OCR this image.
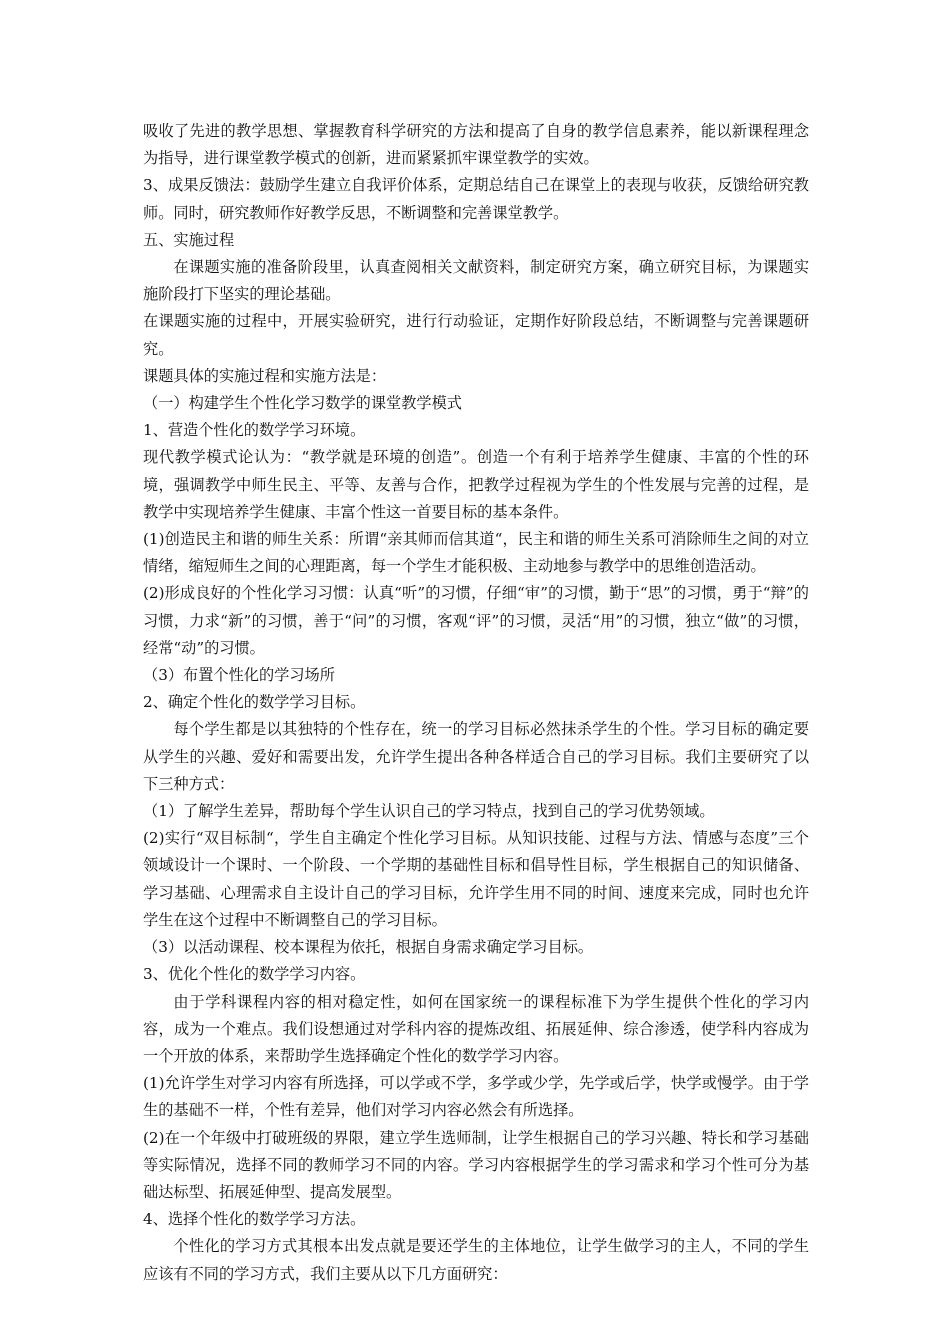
吸收了先进的教学思想、掌握教育科学研究的方法和提高了自身的教学信息素养，能以新课程理念为指导，进行课堂教学模式的创新，进而紧紧抓牢课堂教学的实效。

3、成果反馈法：鼓励学生建立自我评价体系，定期总结自己在课堂上的表现与收获，反馈给研究教师。同时，研究教师作好教学反思，不断调整和完善课堂教学。

五、实施过程

在课题实施的准备阶段里，认真查阅相关文献资料，制定研究方案，确立研究目标，为课题实施阶段打下坚实的理论基础。

在课题实施的过程中，开展实验研究，进行行动验证，定期作好阶段总结，不断调整与完善课题研究。

课题具体的实施过程和实施方法是：

（一）构建学生个性化学习数学的课堂教学模式

1、营造个性化的数学学习环境。

现代教学模式论认为：“教学就是环境的创造”。创造一个有利于培养学生健康、丰富的个性的环境，强调教学中师生民主、平等、友善与合作，把教学过程视为学生的个性发展与完善的过程，是教学中实现培养学生健康、丰富个性这一首要目标的基本条件。

(1)创造民主和谐的师生关系：所谓“亲其师而信其道“，民主和谐的师生关系可消除师生之间的对立情绪，缩短师生之间的心理距离，每一个学生才能积极、主动地参与教学中的思维创造活动。

(2)形成良好的个性化学习习惯：认真“听”的习惯，仔细“审”的习惯，勤于“思”的习惯，勇于“辩”的习惯，力求“新”的习惯，善于“问”的习惯，客观“评”的习惯，灵活“用”的习惯，独立“做”的习惯，经常“动”的习惯。

（3）布置个性化的学习场所

2、确定个性化的数学学习目标。

每个学生都是以其独特的个性存在，统一的学习目标必然抹杀学生的个性。学习目标的确定要从学生的兴趣、爱好和需要出发，允许学生提出各种各样适合自己的学习目标。我们主要研究了以下三种方式：

（1）了解学生差异，帮助每个学生认识自己的学习特点，找到自己的学习优势领域。

(2)实行“双目标制“，学生自主确定个性化学习目标。从知识技能、过程与方法、情感与态度”三个领域设计一个课时、一个阶段、一个学期的基础性目标和倡导性目标，学生根据自己的知识储备、学习基础、心理需求自主设计自己的学习目标，允许学生用不同的时间、速度来完成，同时也允许学生在这个过程中不断调整自己的学习目标。

（3）以活动课程、校本课程为依托，根据自身需求确定学习目标。

3、优化个性化的数学学习内容。

由于学科课程内容的相对稳定性，如何在国家统一的课程标准下为学生提供个性化的学习内容，成为一个难点。我们设想通过对学科内容的提炼改组、拓展延伸、综合渗透，使学科内容成为一个开放的体系，来帮助学生选择确定个性化的数学学习内容。

(1)允许学生对学习内容有所选择，可以学或不学，多学或少学，先学或后学，快学或慢学。由于学生的基础不一样，个性有差异，他们对学习内容必然会有所选择。

(2)在一个年级中打破班级的界限，建立学生选师制，让学生根据自己的学习兴趣、特长和学习基础等实际情况，选择不同的教师学习不同的内容。学习内容根据学生的学习需求和学习个性可分为基础达标型、拓展延伸型、提高发展型。

4、选择个性化的数学学习方法。

个性化的学习方式其根本出发点就是要还学生的主体地位，让学生做学习的主人，不同的学生应该有不同的学习方式，我们主要从以下几方面研究：
